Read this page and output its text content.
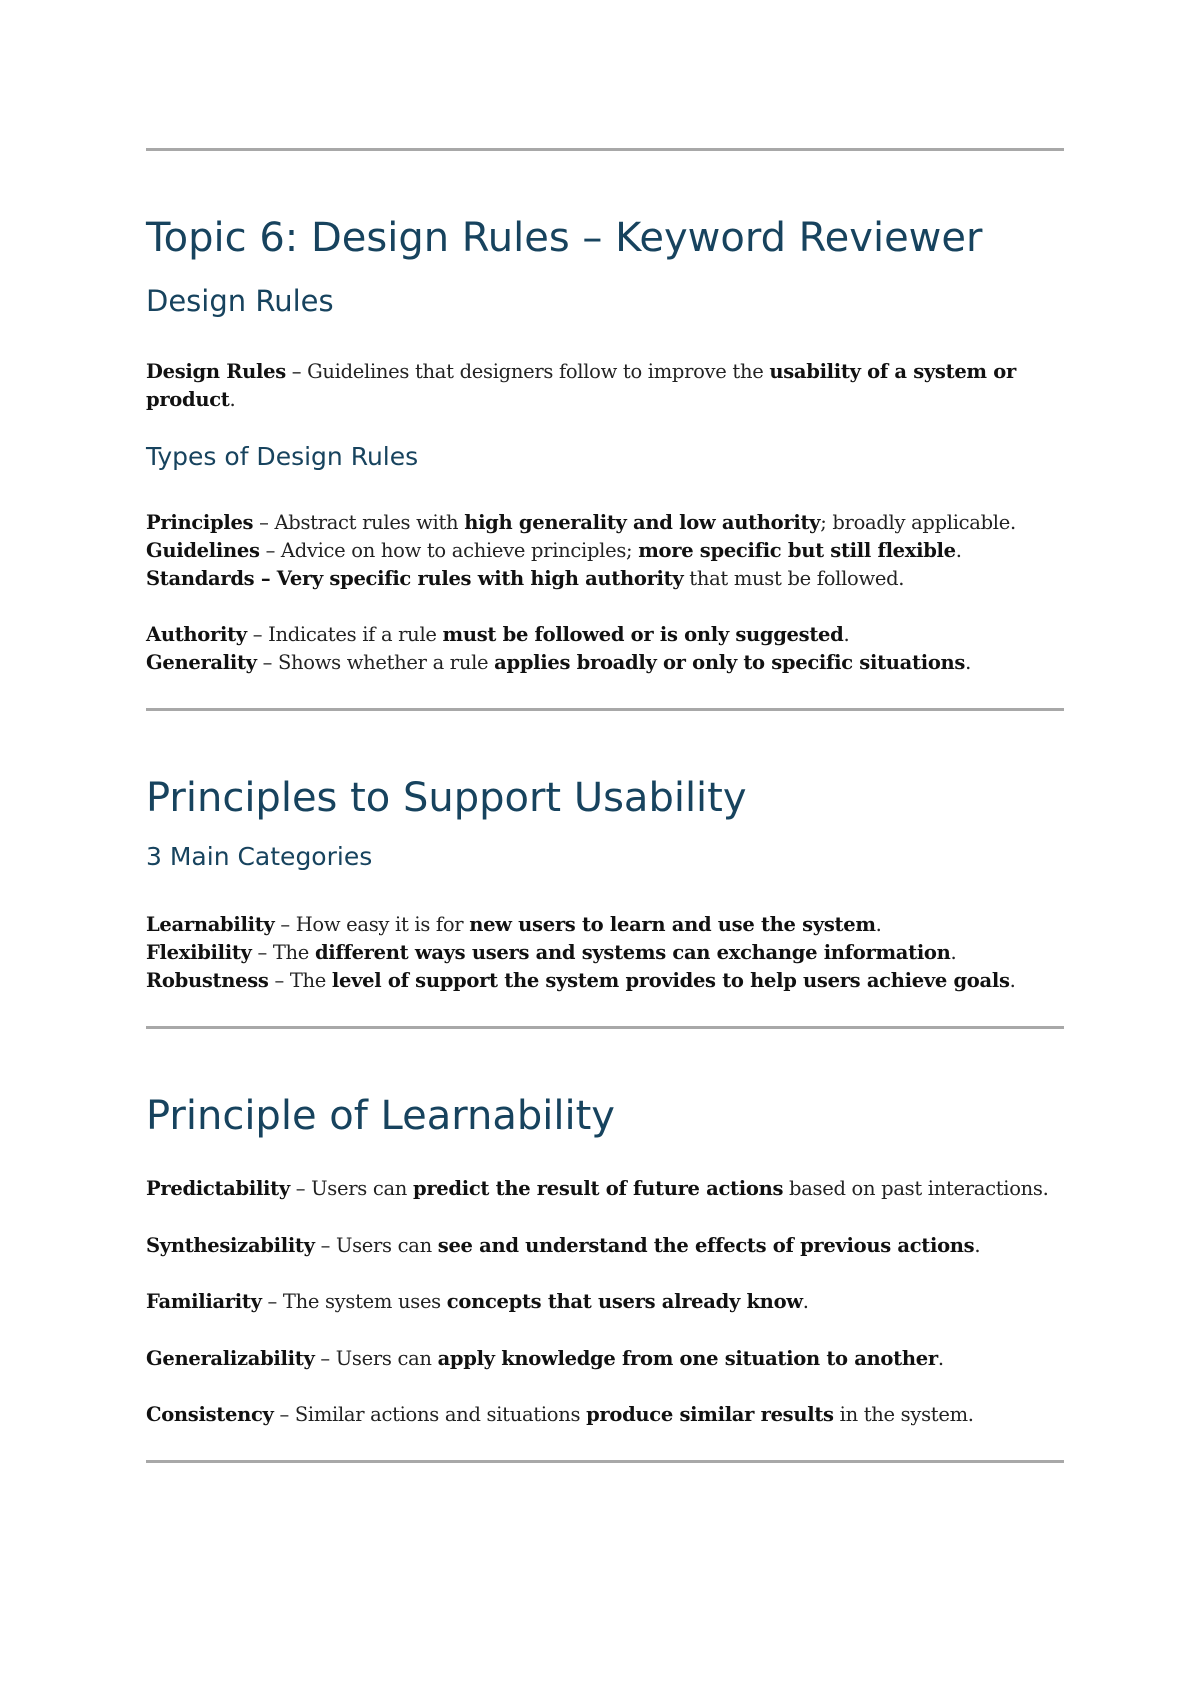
Topic 6: Design Rules – Keyword Reviewer
Design Rules

Design Rules – Guidelines that designers follow to improve the usability of a system or product.

Types of Design Rules

Principles – Abstract rules with high generality and low authority; broadly applicable.

Guidelines – Advice on how to achieve principles; more specific but still flexible.

Standards – Very specific rules with high authority that must be followed.

Authority – Indicates if a rule must be followed or is only suggested.

Generality – Shows whether a rule applies broadly or only to specific situations.

Principles to Support Usability
3 Main Categories

Learnability – How easy it is for new users to learn and use the system.

Flexibility – The different ways users and systems can exchange information.

Robustness – The level of support the system provides to help users achieve goals.

Principle of Learnability

Predictability – Users can predict the result of future actions based on past interactions.

Synthesizability – Users can see and understand the effects of previous actions.

Familiarity – The system uses concepts that users already know.

Generalizability – Users can apply knowledge from one situation to another.

Consistency – Similar actions and situations produce similar results in the system.
